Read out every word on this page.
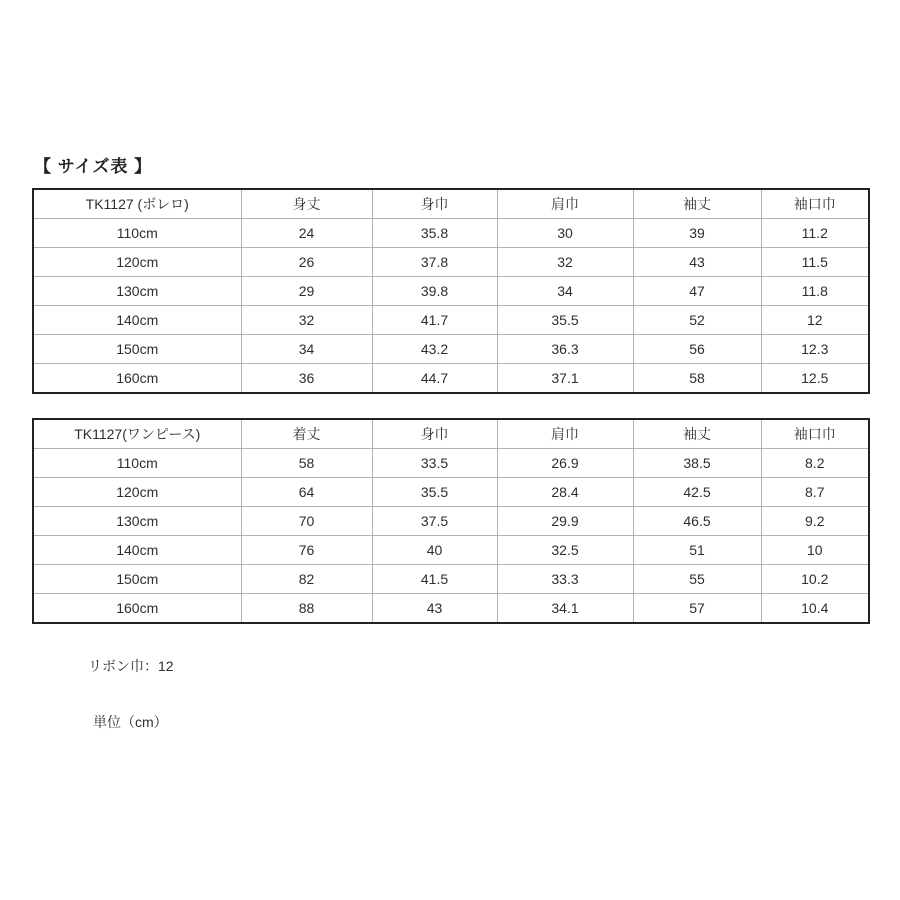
【 サイズ表 】
TK1127 (ボレロ)	身丈	身巾	肩巾	袖丈	袖口巾
110cm	24	35.8	30	39	11.2
120cm	26	37.8	32	43	11.5
130cm	29	39.8	34	47	11.8
140cm	32	41.7	35.5	52	12
150cm	34	43.2	36.3	56	12.3
160cm	36	44.7	37.1	58	12.5
TK1127(ワンピース)	着丈	身巾	肩巾	袖丈	袖口巾
110cm	58	33.5	26.9	38.5	8.2
120cm	64	35.5	28.4	42.5	8.7
130cm	70	37.5	29.9	46.5	9.2
140cm	76	40	32.5	51	10
150cm	82	41.5	33.3	55	10.2
160cm	88	43	34.1	57	10.4
リボン巾：12
単位（cm）
